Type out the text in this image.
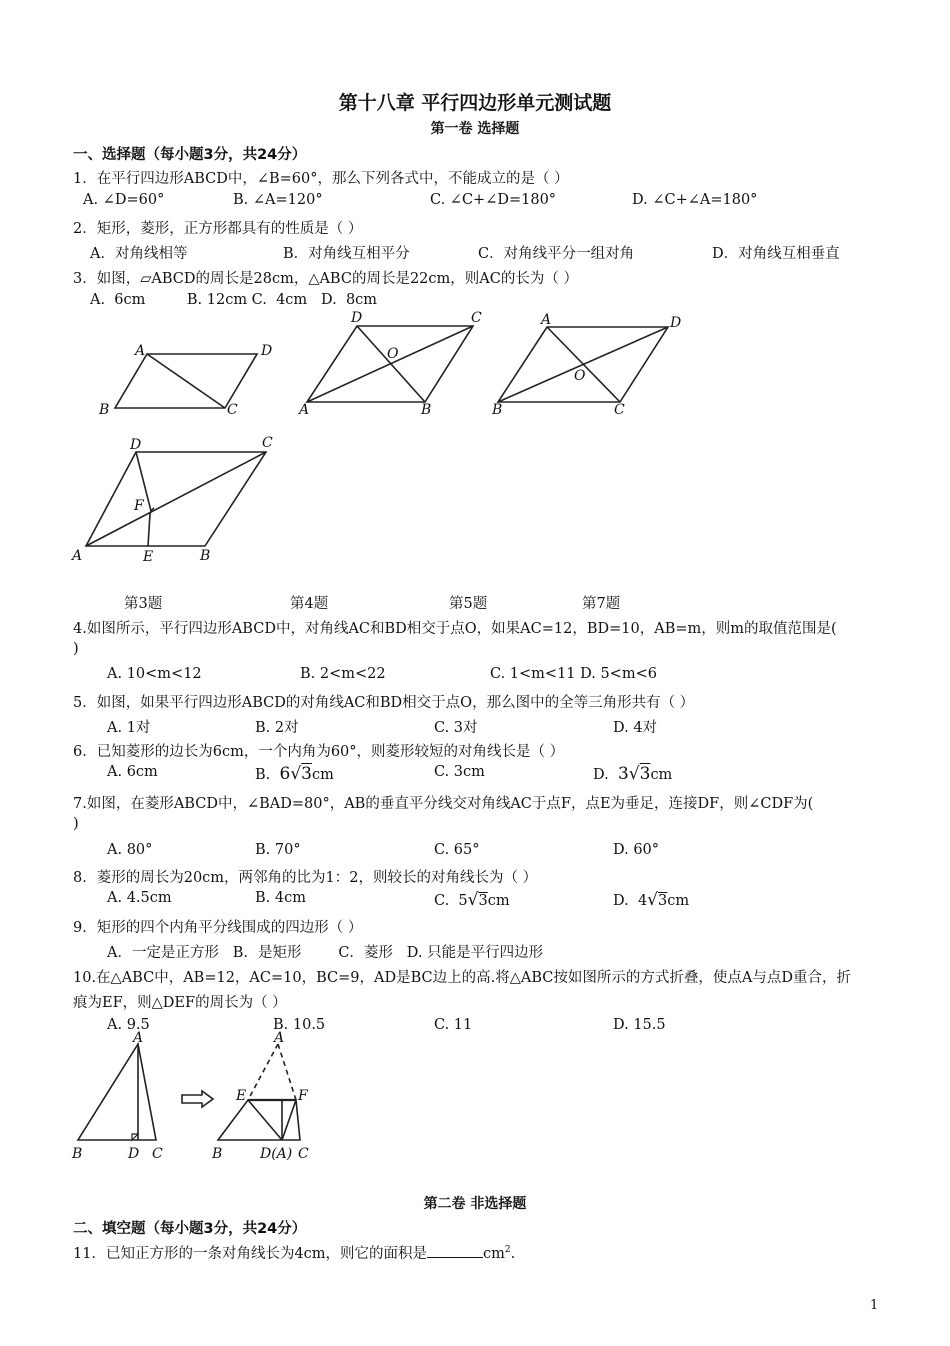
第十八章 平行四边形单元测试题
第一卷 选择题
一、选择题（每小题3分，共24分）
1．在平行四边形ABCD中，∠B=60°，那么下列各式中，不能成立的是（ ）
A. ∠D=60°	B. ∠A=120°	C. ∠C+∠D=180°	D. ∠C+∠A=180°
2．矩形，菱形，正方形都具有的性质是（ ）
A．对角线相等	B．对角线互相平分	C．对角线平分一组对角	D．对角线互相垂直
3．如图，▱ABCD的周长是28cm，△ABC的周长是22cm，则AC的长为（ ）
A.  6cm         B. 12cm C.  4cm   D.  8cm
A	D
B	C
D	C
O
A	B
A	D
O
B	C
D	C
F
A	E	B
第3题	第4题	第5题	第7题
4.如图所示，平行四边形ABCD中，对角线AC和BD相交于点O，如果AC=12，BD=10，AB=m，则m的取值范围是(
)
A. 10<m<12	B. 2<m<22	C. 1<m<11 D. 5<m<6
5．如图，如果平行四边形ABCD的对角线AC和BD相交于点O，那么图中的全等三角形共有（ ）
A. 1对	B. 2对	C. 3对	D. 4对
6．已知菱形的边长为6cm，一个内角为60°，则菱形较短的对角线长是（ ）
A. 6cm	B.  6√3cm	C. 3cm	D.  3√3cm
7.如图，在菱形ABCD中，∠BAD=80°，AB的垂直平分线交对角线AC于点F，点E为垂足，连接DF，则∠CDF为(
)
A. 80°	B. 70°	C. 65°	D. 60°
8．菱形的周长为20cm，两邻角的比为1：2，则较长的对角线长为（ ）
A. 4.5cm	B. 4cm	C.  5√3cm	D.  4√3cm
9．矩形的四个内角平分线围成的四边形（ ）
A．一定是正方形   B．是矩形        C．菱形   D. 只能是平行四边形
10.在△ABC中，AB=12，AC=10，BC=9，AD是BC边上的高.将△ABC按如图所示的方式折叠，使点A与点D重合，折
痕为EF，则△DEF的周长为（ ）
A. 9.5	B. 10.5	C. 11	D. 15.5
A
B	D C
A
E	F
B	D(A) C
第二卷 非选择题
二、填空题（每小题3分，共24分）
11．已知正方形的一条对角线长为4cm，则它的面积是	$cm^2$.
1
